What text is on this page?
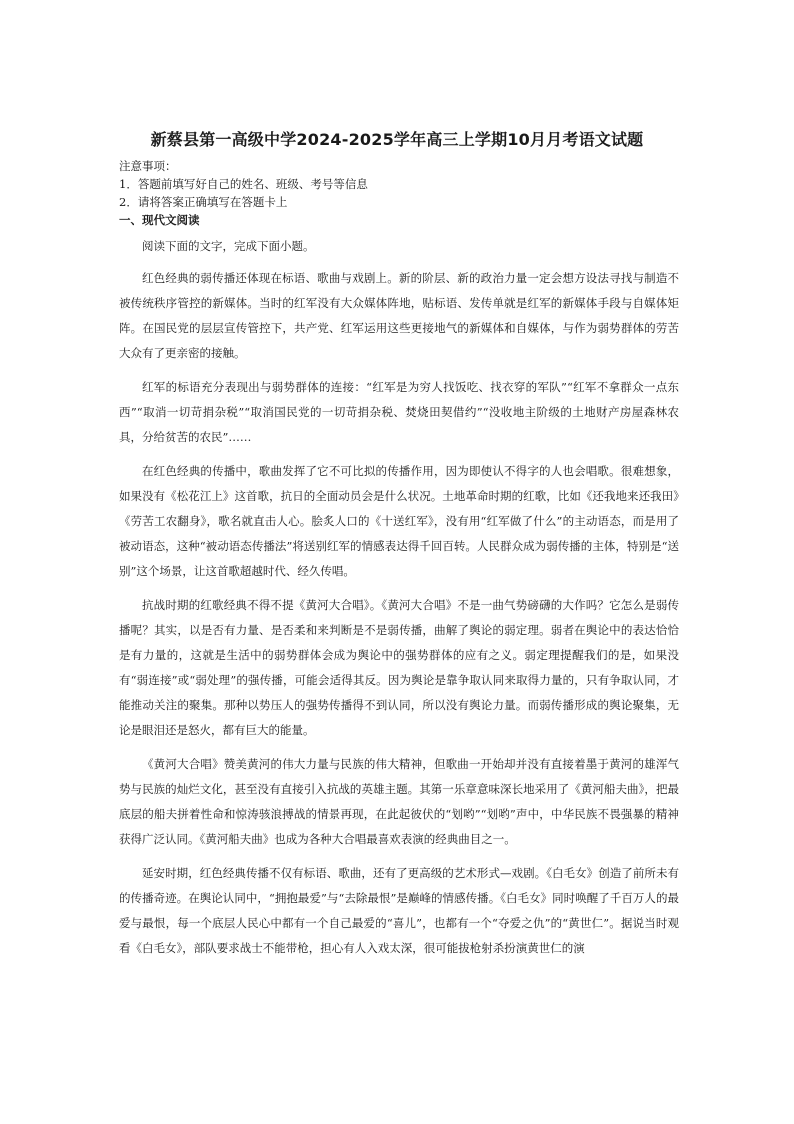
新蔡县第一高级中学2024-2025学年高三上学期10月月考语文试题
注意事项：
1．答题前填写好自己的姓名、班级、考号等信息
2．请将答案正确填写在答题卡上
一、现代文阅读

阅读下面的文字，完成下面小题。

红色经典的弱传播还体现在标语、歌曲与戏剧上。新的阶层、新的政治力量一定会想方设法寻找与制造不被传统秩序管控的新媒体。当时的红军没有大众媒体阵地，贴标语、发传单就是红军的新媒体手段与自媒体矩阵。在国民党的层层宣传管控下，共产党、红军运用这些更接地气的新媒体和自媒体，与作为弱势群体的劳苦大众有了更亲密的接触。

红军的标语充分表现出与弱势群体的连接：“红军是为穷人找饭吃、找衣穿的军队”“红军不拿群众一点东西”“取消一切苛捐杂税”“取消国民党的一切苛捐杂税、焚烧田契借约”“没收地主阶级的土地财产房屋森林农具，分给贫苦的农民”……

在红色经典的传播中，歌曲发挥了它不可比拟的传播作用，因为即使认不得字的人也会唱歌。很难想象，如果没有《松花江上》这首歌，抗日的全面动员会是什么状况。土地革命时期的红歌，比如《还我地来还我田》《劳苦工农翻身》，歌名就直击人心。脍炙人口的《十送红军》，没有用“红军做了什么”的主动语态，而是用了被动语态，这种“被动语态传播法”将送别红军的情感表达得千回百转。人民群众成为弱传播的主体，特别是“送别”这个场景，让这首歌超越时代、经久传唱。

抗战时期的红歌经典不得不提《黄河大合唱》。《黄河大合唱》不是一曲气势磅礴的大作吗？它怎么是弱传播呢？其实，以是否有力量、是否柔和来判断是不是弱传播，曲解了舆论的弱定理。弱者在舆论中的表达恰恰是有力量的，这就是生活中的弱势群体会成为舆论中的强势群体的应有之义。弱定理提醒我们的是，如果没有“弱连接”或“弱处理”的强传播，可能会适得其反。因为舆论是靠争取认同来取得力量的，只有争取认同，才能推动关注的聚集。那种以势压人的强势传播得不到认同，所以没有舆论力量。而弱传播形成的舆论聚集，无论是眼泪还是怒火，都有巨大的能量。

《黄河大合唱》赞美黄河的伟大力量与民族的伟大精神，但歌曲一开始却并没有直接着墨于黄河的雄浑气势与民族的灿烂文化，甚至没有直接引入抗战的英雄主题。其第一乐章意味深长地采用了《黄河船夫曲》，把最底层的船夫拼着性命和惊涛骇浪搏战的情景再现，在此起彼伏的“划哟”“划哟”声中，中华民族不畏强暴的精神获得广泛认同。《黄河船夫曲》也成为各种大合唱最喜欢表演的经典曲目之一。

延安时期，红色经典传播不仅有标语、歌曲，还有了更高级的艺术形式—戏剧。《白毛女》创造了前所未有的传播奇迹。在舆论认同中，“拥抱最爱”与“去除最恨”是巅峰的情感传播。《白毛女》同时唤醒了千百万人的最爱与最恨，每一个底层人民心中都有一个自己最爱的“喜儿”，也都有一个“夺爱之仇”的“黄世仁”。据说当时观看《白毛女》，部队要求战士不能带枪，担心有人入戏太深，很可能拔枪射杀扮演黄世仁的演
